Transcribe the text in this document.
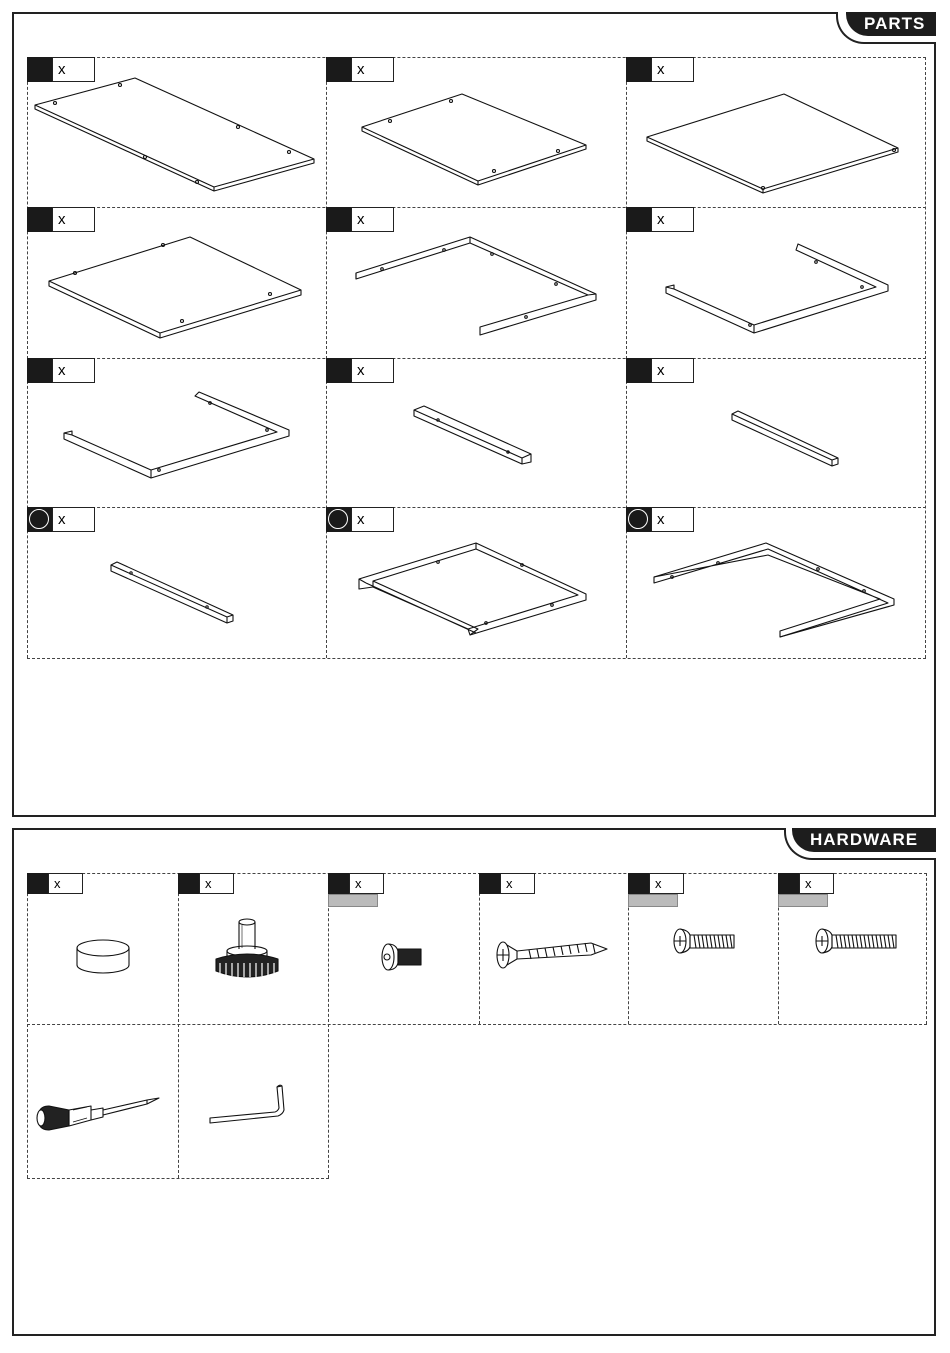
PARTS
x	x	x
x	x	x
x	x	x
x	x	x
HARDWARE
x	x	x	x	x	x
